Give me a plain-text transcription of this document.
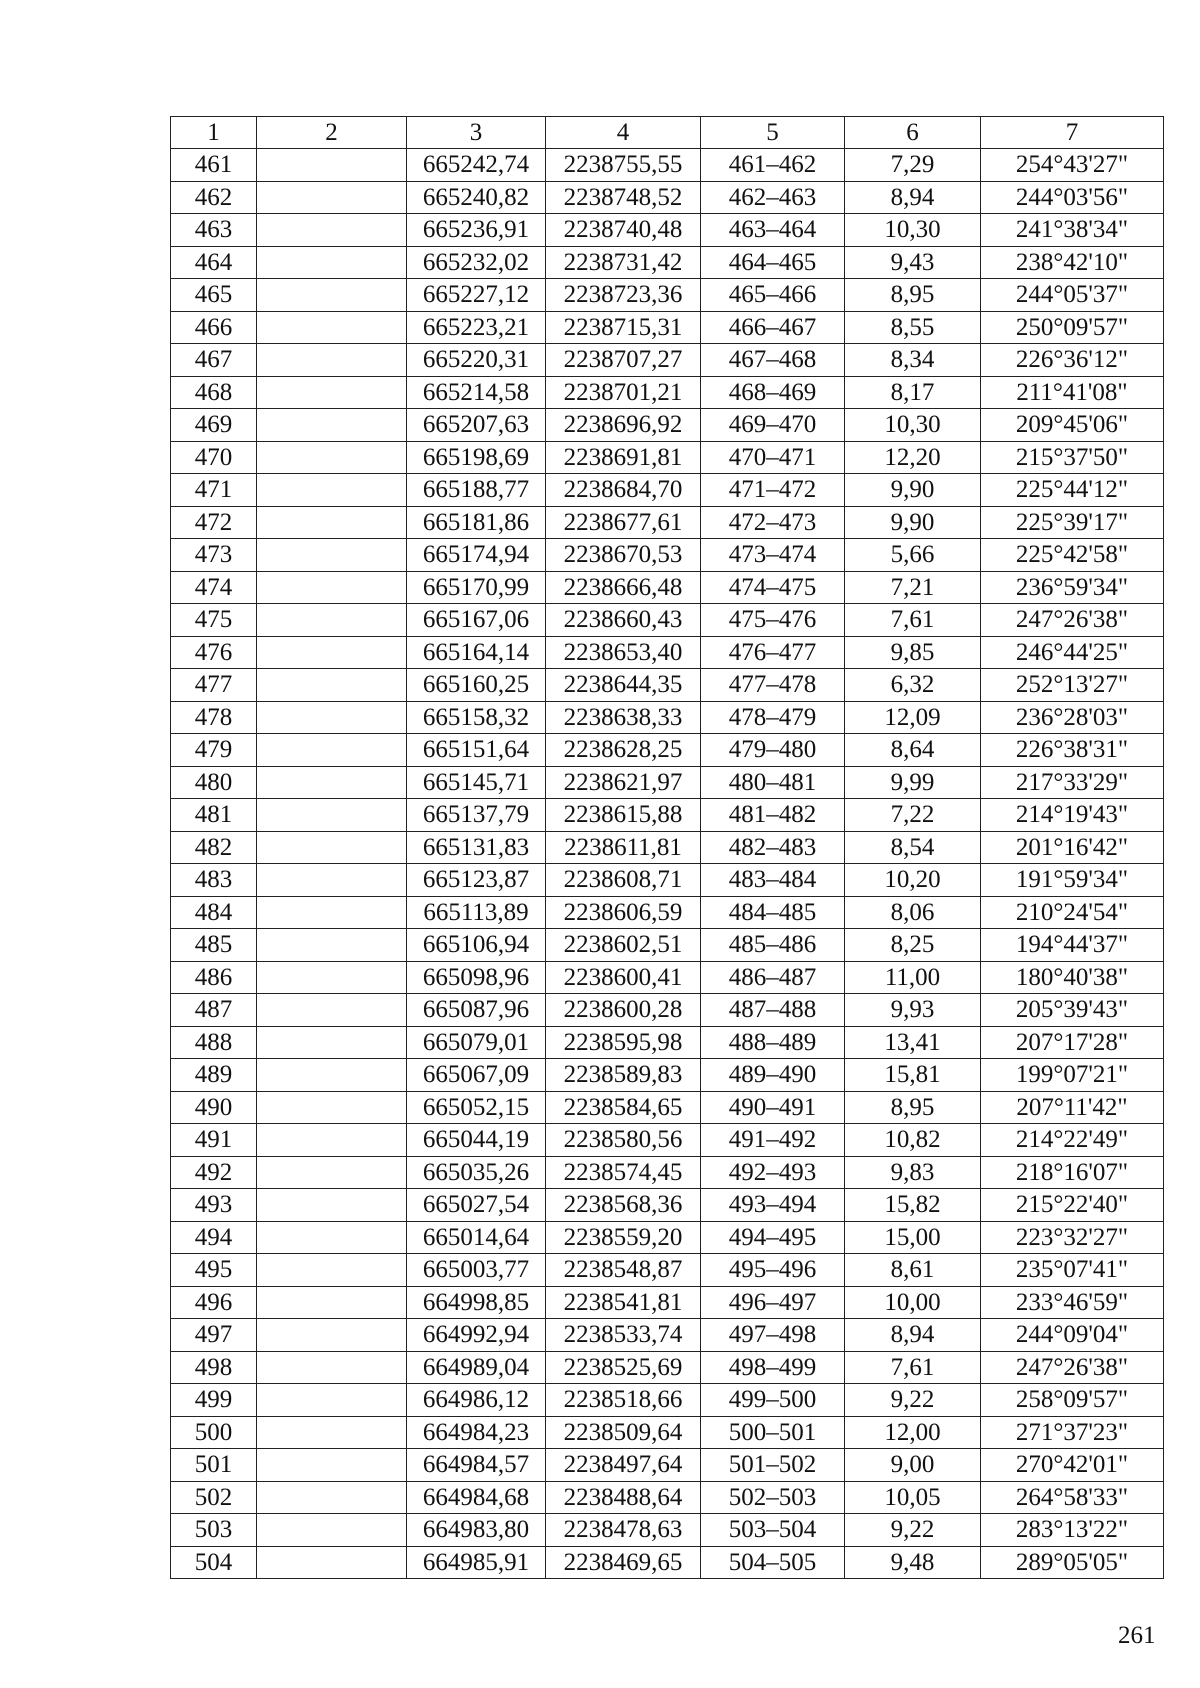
1	2	3	4	5	6	7
461		665242,74	2238755,55	461–462	7,29	254°43'27"
462		665240,82	2238748,52	462–463	8,94	244°03'56"
463		665236,91	2238740,48	463–464	10,30	241°38'34"
464		665232,02	2238731,42	464–465	9,43	238°42'10"
465		665227,12	2238723,36	465–466	8,95	244°05'37"
466		665223,21	2238715,31	466–467	8,55	250°09'57"
467		665220,31	2238707,27	467–468	8,34	226°36'12"
468		665214,58	2238701,21	468–469	8,17	211°41'08"
469		665207,63	2238696,92	469–470	10,30	209°45'06"
470		665198,69	2238691,81	470–471	12,20	215°37'50"
471		665188,77	2238684,70	471–472	9,90	225°44'12"
472		665181,86	2238677,61	472–473	9,90	225°39'17"
473		665174,94	2238670,53	473–474	5,66	225°42'58"
474		665170,99	2238666,48	474–475	7,21	236°59'34"
475		665167,06	2238660,43	475–476	7,61	247°26'38"
476		665164,14	2238653,40	476–477	9,85	246°44'25"
477		665160,25	2238644,35	477–478	6,32	252°13'27"
478		665158,32	2238638,33	478–479	12,09	236°28'03"
479		665151,64	2238628,25	479–480	8,64	226°38'31"
480		665145,71	2238621,97	480–481	9,99	217°33'29"
481		665137,79	2238615,88	481–482	7,22	214°19'43"
482		665131,83	2238611,81	482–483	8,54	201°16'42"
483		665123,87	2238608,71	483–484	10,20	191°59'34"
484		665113,89	2238606,59	484–485	8,06	210°24'54"
485		665106,94	2238602,51	485–486	8,25	194°44'37"
486		665098,96	2238600,41	486–487	11,00	180°40'38"
487		665087,96	2238600,28	487–488	9,93	205°39'43"
488		665079,01	2238595,98	488–489	13,41	207°17'28"
489		665067,09	2238589,83	489–490	15,81	199°07'21"
490		665052,15	2238584,65	490–491	8,95	207°11'42"
491		665044,19	2238580,56	491–492	10,82	214°22'49"
492		665035,26	2238574,45	492–493	9,83	218°16'07"
493		665027,54	2238568,36	493–494	15,82	215°22'40"
494		665014,64	2238559,20	494–495	15,00	223°32'27"
495		665003,77	2238548,87	495–496	8,61	235°07'41"
496		664998,85	2238541,81	496–497	10,00	233°46'59"
497		664992,94	2238533,74	497–498	8,94	244°09'04"
498		664989,04	2238525,69	498–499	7,61	247°26'38"
499		664986,12	2238518,66	499–500	9,22	258°09'57"
500		664984,23	2238509,64	500–501	12,00	271°37'23"
501		664984,57	2238497,64	501–502	9,00	270°42'01"
502		664984,68	2238488,64	502–503	10,05	264°58'33"
503		664983,80	2238478,63	503–504	9,22	283°13'22"
504		664985,91	2238469,65	504–505	9,48	289°05'05"
261
